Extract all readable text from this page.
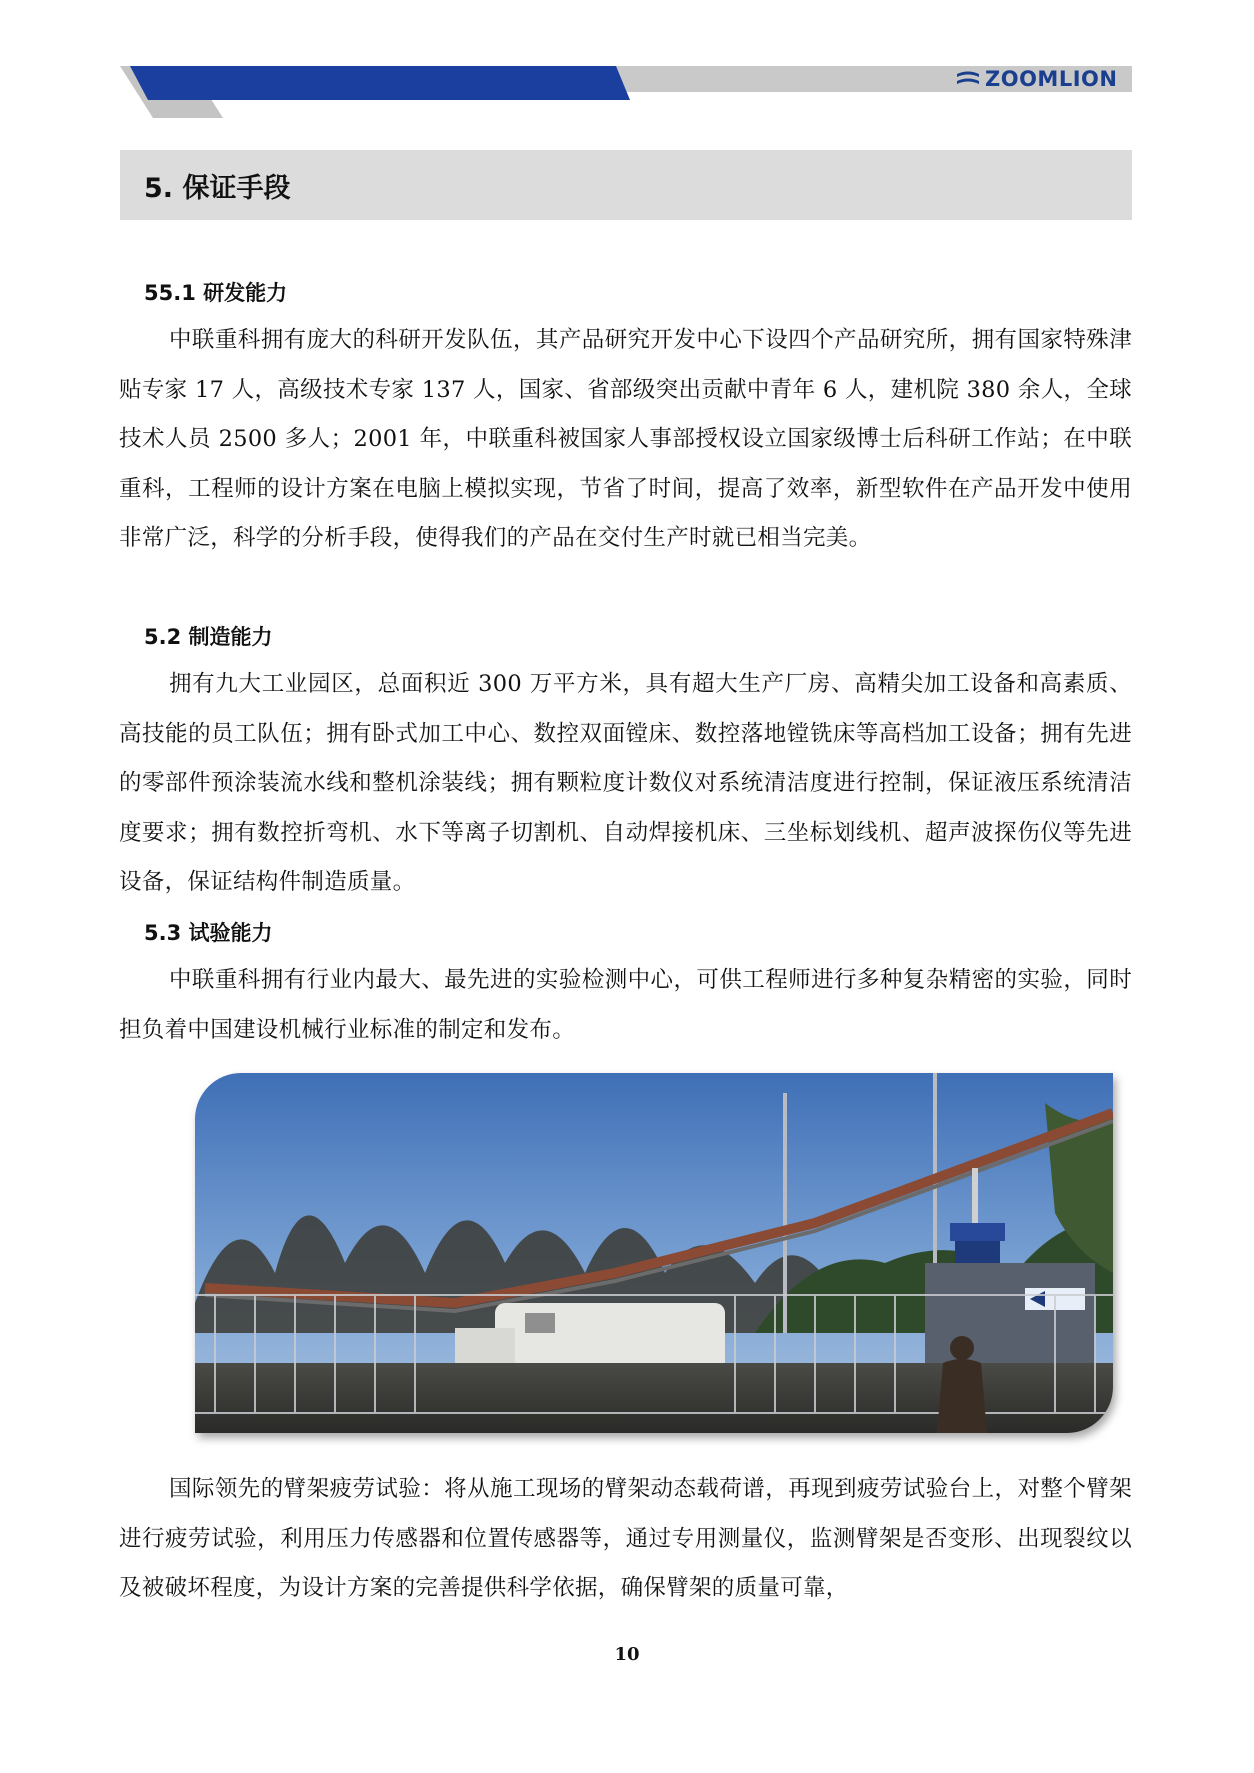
ZOOMLION
5. 保证手段
55.1 研发能力

中联重科拥有庞大的科研开发队伍，其产品研究开发中心下设四个产品研究所，拥有国家特殊津贴专家 17 人，高级技术专家 137 人，国家、省部级突出贡献中青年 6 人，建机院 380 余人，全球技术人员 2500 多人；2001 年，中联重科被国家人事部授权设立国家级博士后科研工作站；在中联重科，工程师的设计方案在电脑上模拟实现，节省了时间，提高了效率，新型软件在产品开发中使用非常广泛，科学的分析手段，使得我们的产品在交付生产时就已相当完美。

5.2 制造能力

拥有九大工业园区，总面积近 300 万平方米，具有超大生产厂房、高精尖加工设备和高素质、高技能的员工队伍；拥有卧式加工中心、数控双面镗床、数控落地镗铣床等高档加工设备；拥有先进的零部件预涂装流水线和整机涂装线；拥有颗粒度计数仪对系统清洁度进行控制，保证液压系统清洁度要求；拥有数控折弯机、水下等离子切割机、自动焊接机床、三坐标划线机、超声波探伤仪等先进设备，保证结构件制造质量。

5.3 试验能力

中联重科拥有行业内最大、最先进的实验检测中心，可供工程师进行多种复杂精密的实验，同时担负着中国建设机械行业标准的制定和发布。

国际领先的臂架疲劳试验：将从施工现场的臂架动态载荷谱，再现到疲劳试验台上，对整个臂架进行疲劳试验，利用压力传感器和位置传感器等，通过专用测量仪，监测臂架是否变形、出现裂纹以及被破坏程度，为设计方案的完善提供科学依据，确保臂架的质量可靠，

10
